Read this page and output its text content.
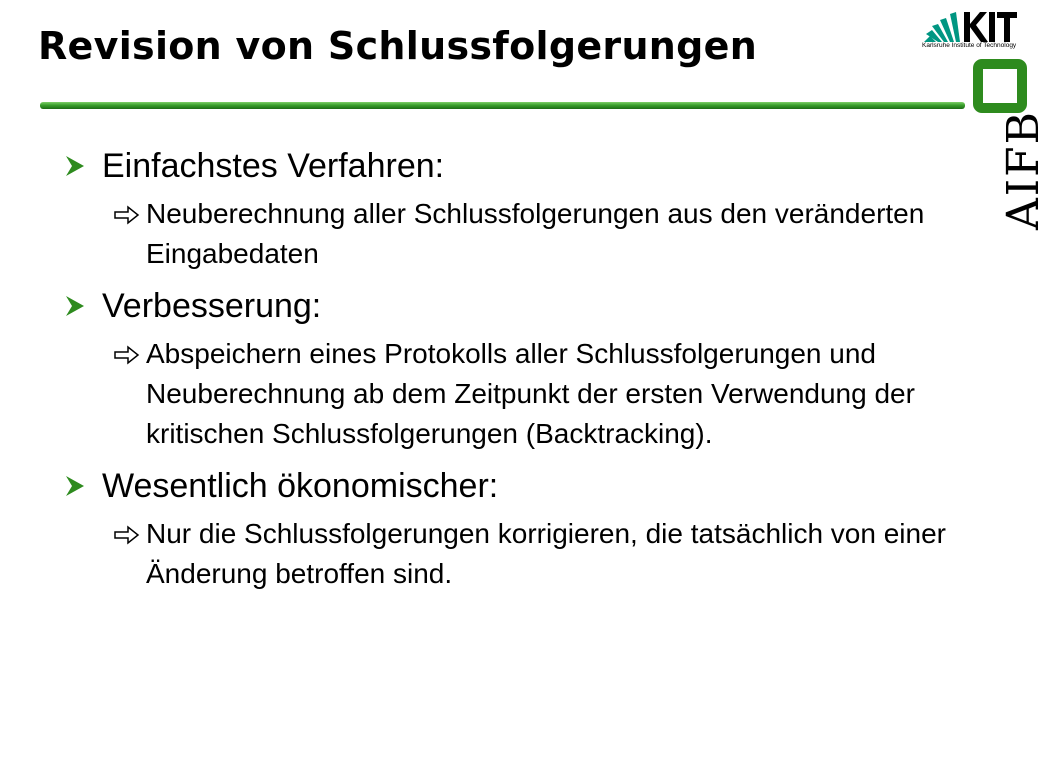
Revision von Schlussfolgerungen	Karlsruhe Institute of Technology
AIFB
Einfachstes Verfahren:
Neuberechnung aller Schlussfolgerungen aus den veränderten Eingabedaten
Verbesserung:
Abspeichern eines Protokolls aller Schlussfolgerungen und Neuberechnung ab dem Zeitpunkt der ersten Verwendung der kritischen Schlussfolgerungen (Backtracking).
Wesentlich ökonomischer:
Nur die Schlussfolgerungen korrigieren, die tatsächlich von einer Änderung betroffen sind.
